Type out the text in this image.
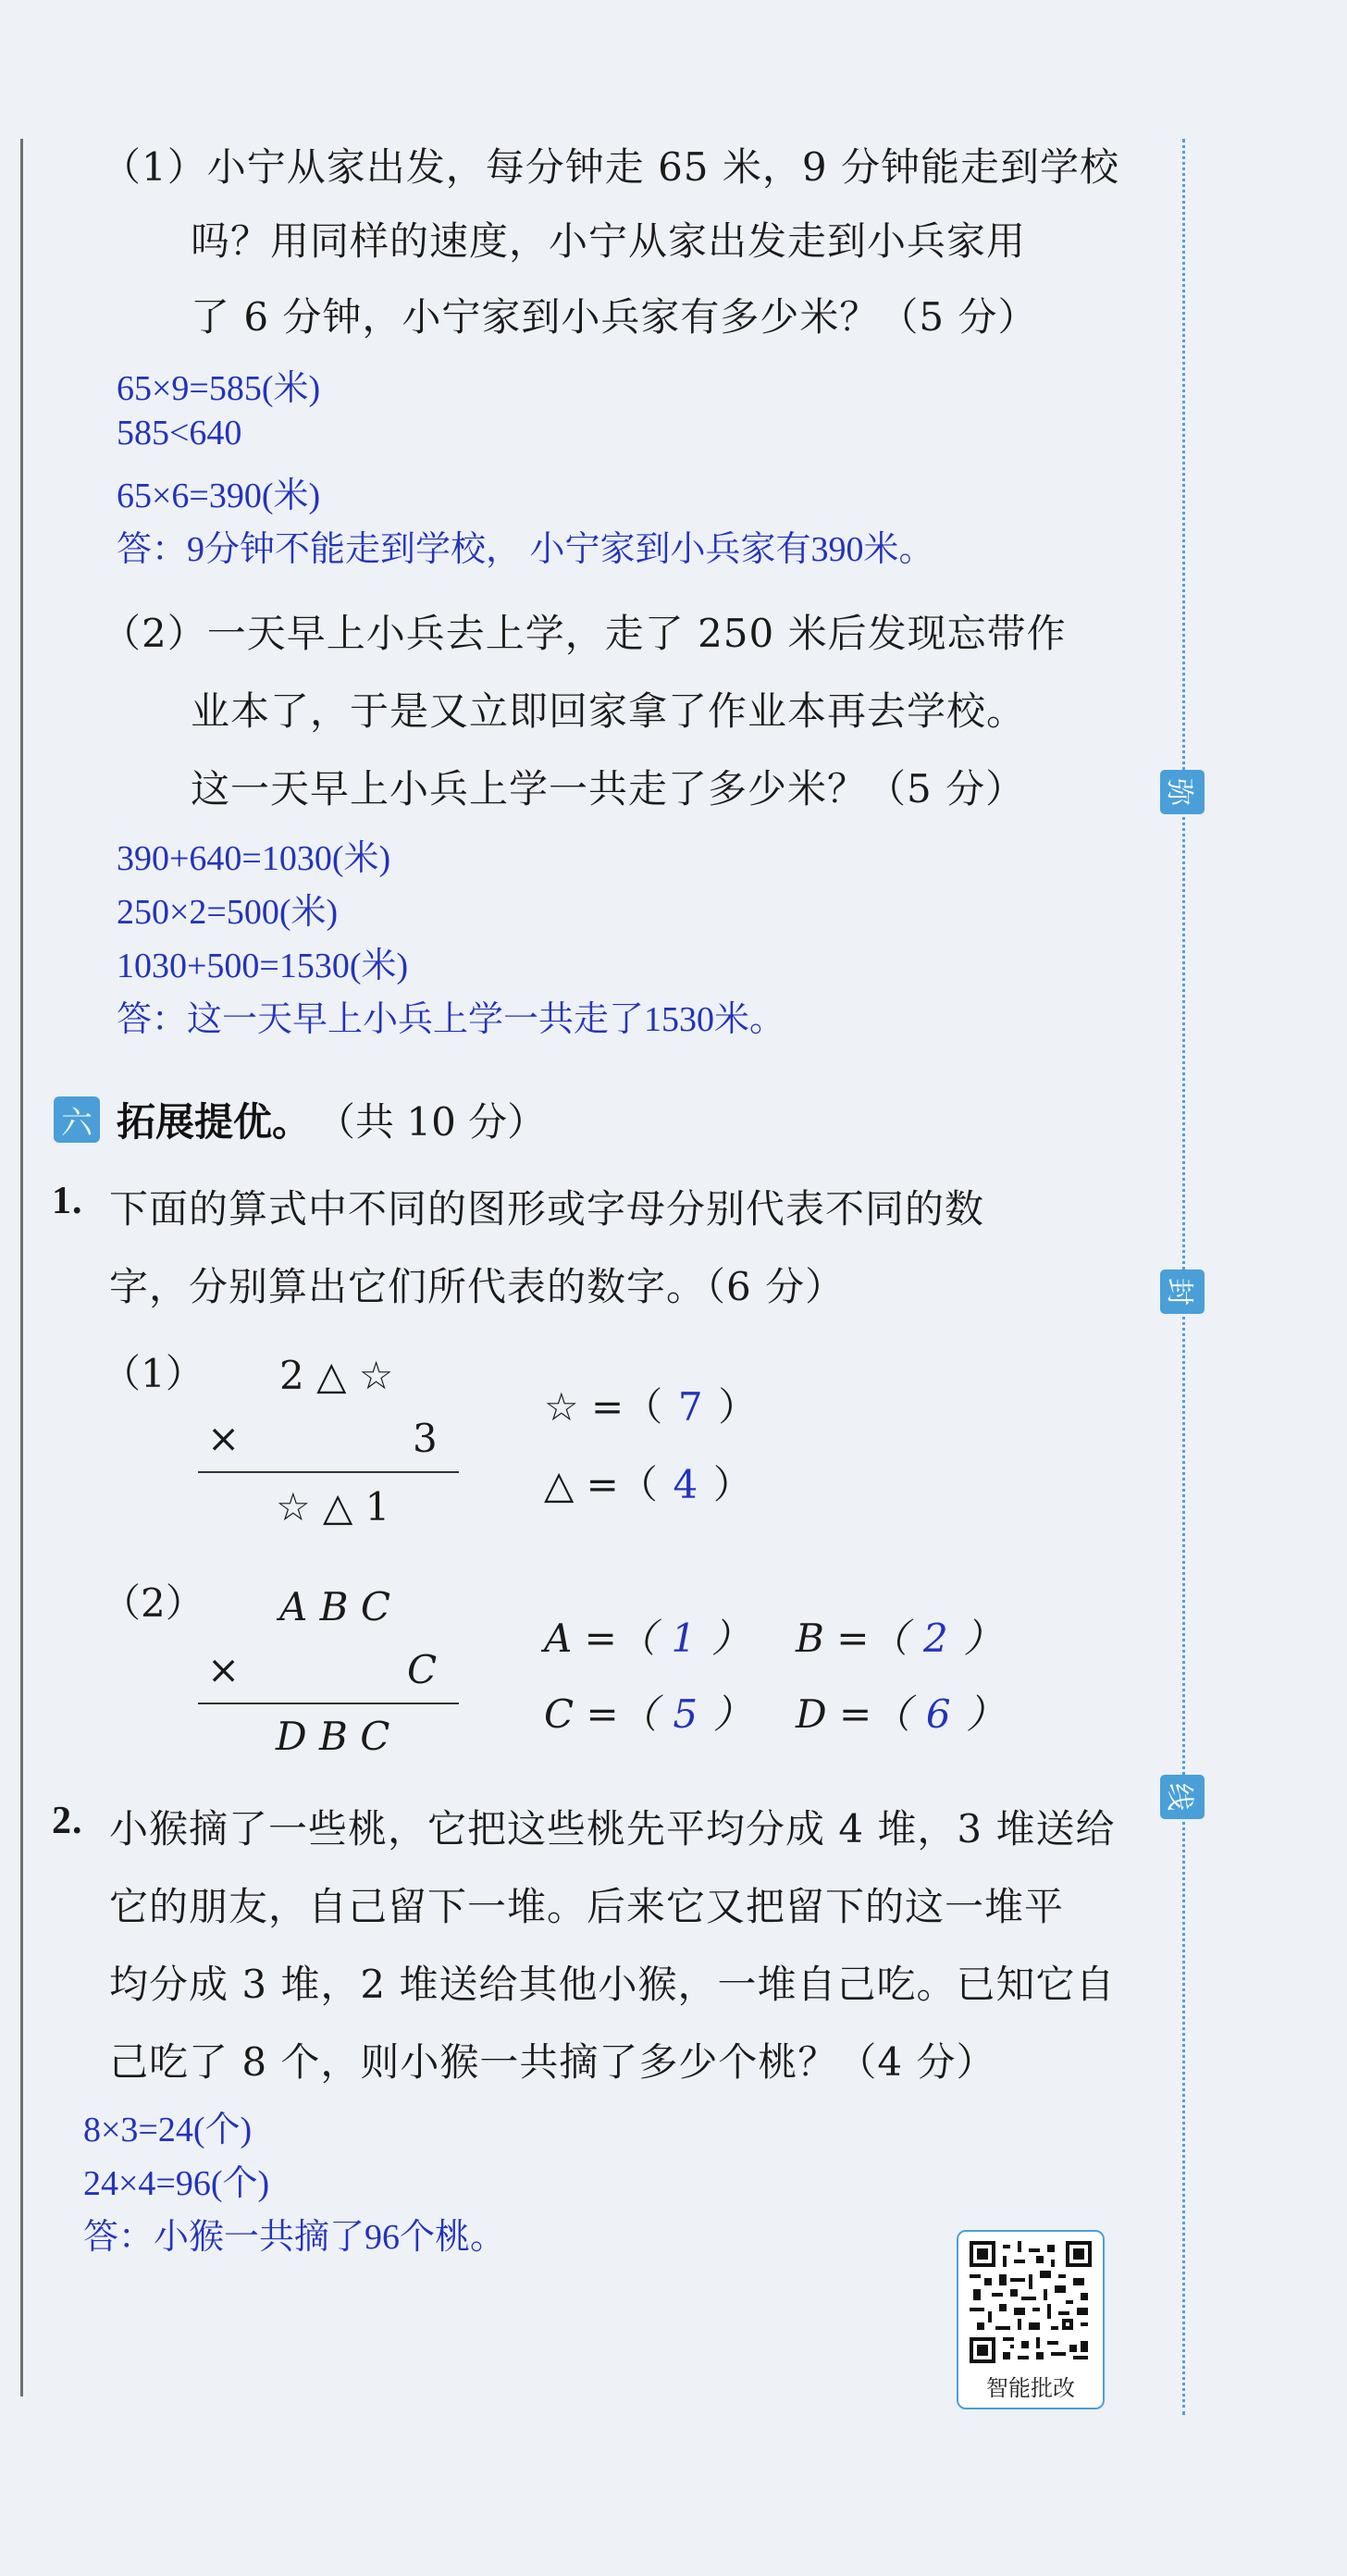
弥
封
线
（1）小宁从家出发，每分钟走 65 米，9 分钟能走到学校
吗？用同样的速度，小宁从家出发走到小兵家用
了 6 分钟，小宁家到小兵家有多少米？（5 分）
65×9=585(米)
585<640
65×6=390(米)
答：9分钟不能走到学校， 小宁家到小兵家有390米。
（2）一天早上小兵去上学，走了 250 米后发现忘带作
业本了，于是又立即回家拿了作业本再去学校。
这一天早上小兵上学一共走了多少米？（5 分）
390+640=1030(米)
250×2=500(米)
1030+500=1530(米)
答：这一天早上小兵上学一共走了1530米。
六 拓展提优。 （共 10 分）
1. 下面的算式中不同的图形或字母分别代表不同的数
字，分别算出它们所代表的数字。（6 分）
（1） 2 △ ☆
×	3
☆ △ 1
☆ =（ 7 ）
△ =（ 4 ）
（2） A B C
×	C
D B C
A =（ 1 ） B =（ 2 ）
C =（ 5 ） D =（ 6 ）
2. 小猴摘了一些桃，它把这些桃先平均分成 4 堆，3 堆送给
它的朋友，自己留下一堆。后来它又把留下的这一堆平
均分成 3 堆，2 堆送给其他小猴，一堆自己吃。已知它自
己吃了 8 个，则小猴一共摘了多少个桃？（4 分）
8×3=24(个)
24×4=96(个)
答：小猴一共摘了96个桃。
智能批改
